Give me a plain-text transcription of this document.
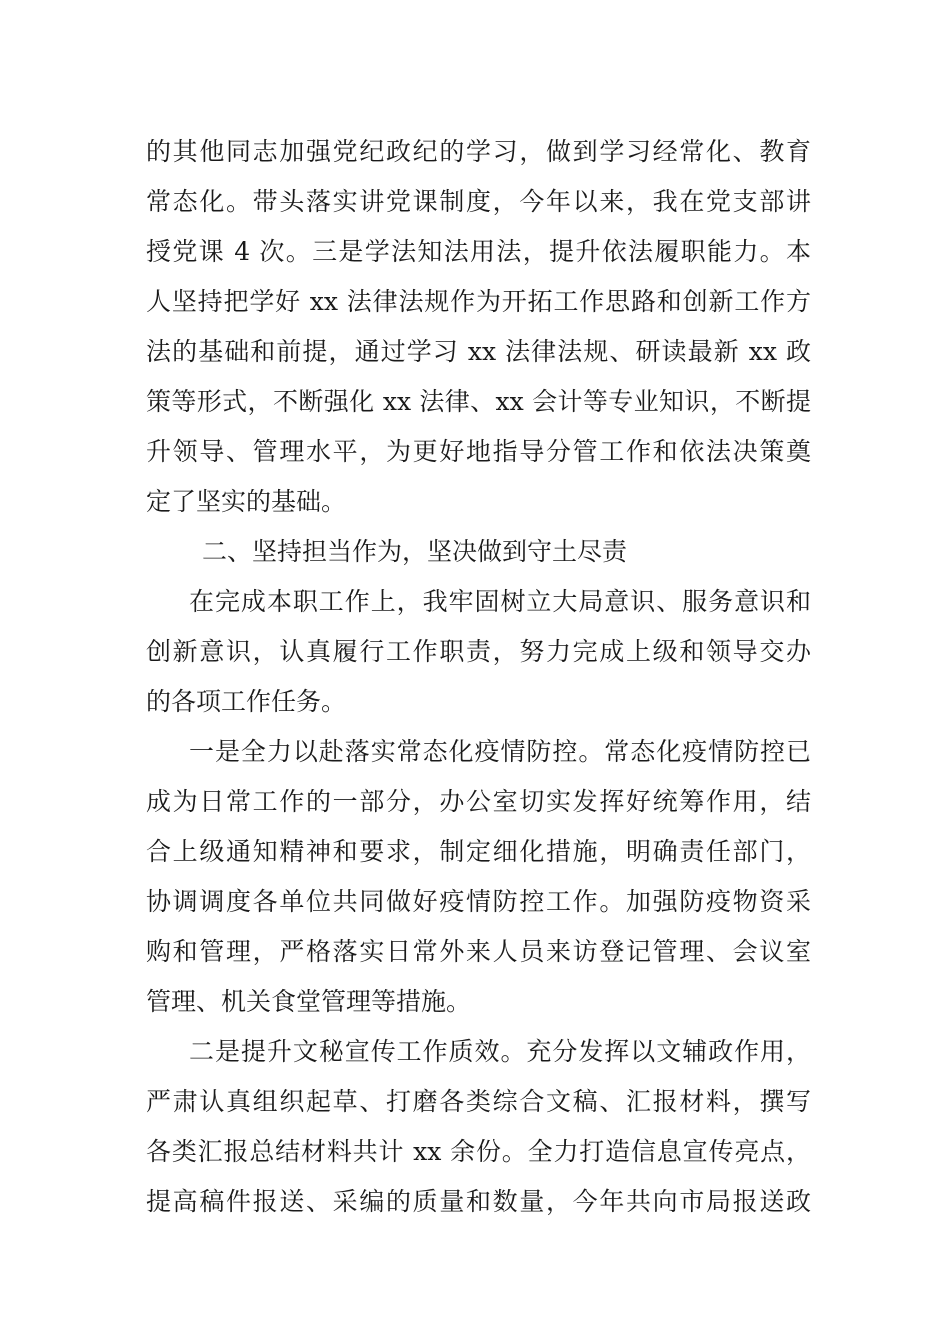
的其他同志加强党纪政纪的学习，做到学习经常化、教育
常态化。带头落实讲党课制度，今年以来，我在党支部讲
授党课 4 次。三是学法知法用法，提升依法履职能力。本
人坚持把学好 xx 法律法规作为开拓工作思路和创新工作方
法的基础和前提，通过学习 xx 法律法规、研读最新 xx 政
策等形式，不断强化 xx 法律、xx 会计等专业知识，不断提
升领导、管理水平，为更好地指导分管工作和依法决策奠
定了坚实的基础。
二、坚持担当作为，坚决做到守土尽责
在完成本职工作上，我牢固树立大局意识、服务意识和
创新意识，认真履行工作职责，努力完成上级和领导交办
的各项工作任务。
一是全力以赴落实常态化疫情防控。常态化疫情防控已
成为日常工作的一部分，办公室切实发挥好统筹作用，结
合上级通知精神和要求，制定细化措施，明确责任部门，
协调调度各单位共同做好疫情防控工作。加强防疫物资采
购和管理，严格落实日常外来人员来访登记管理、会议室
管理、机关食堂管理等措施。
二是提升文秘宣传工作质效。充分发挥以文辅政作用，
严肃认真组织起草、打磨各类综合文稿、汇报材料，撰写
各类汇报总结材料共计 xx 余份。全力打造信息宣传亮点，
提高稿件报送、采编的质量和数量，今年共向市局报送政
